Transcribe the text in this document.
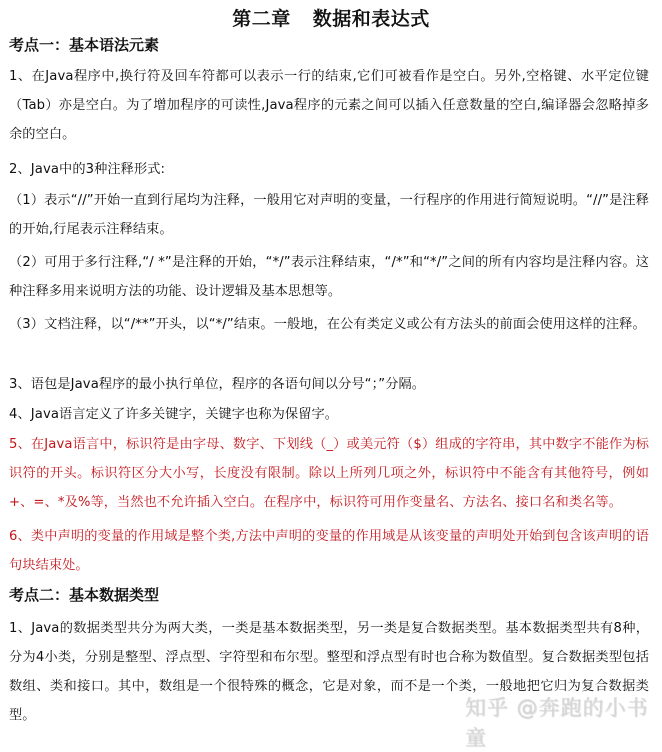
第二章 数据和表达式
考点一：基本语法元素
1、在Java程序中,换行符及回车符都可以表示一行的结束,它们可被看作是空白。另外,空格键、水平定位键（Tab）亦是空白。为了增加程序的可读性,Java程序的元素之间可以插入任意数量的空白,编译器会忽略掉多余的空白。
2、Java中的3种注释形式:
（1）表示“//”开始一直到行尾均为注释，一般用它对声明的变量，一行程序的作用进行简短说明。“//”是注释的开始,行尾表示注释结束。
（2）可用于多行注释,“/ *”是注释的开始，“*/”表示注释结束，“/*”和“*/”之间的所有内容均是注释内容。这种注释多用来说明方法的功能、设计逻辑及基本思想等。
（3）文档注释，以“/**”开头，以“*/”结束。一般地，在公有类定义或公有方法头的前面会使用这样的注释。
3、语包是Java程序的最小执行单位，程序的各语句间以分号“；”分隔。
4、Java语言定义了许多关键字，关键字也称为保留字。
5、在Java语言中，标识符是由字母、数字、下划线（_）或美元符（$）组成的字符串，其中数字不能作为标识符的开头。标识符区分大小写，长度没有限制。除以上所列几项之外，标识符中不能含有其他符号，例如+、=、*及%等，当然也不允许插入空白。在程序中，标识符可用作变量名、方法名、接口名和类名等。
6、类中声明的变量的作用域是整个类,方法中声明的变量的作用域是从该变量的声明处开始到包含该声明的语句块结束处。
考点二：基本数据类型
1、Java的数据类型共分为两大类，一类是基本数据类型，另一类是复合数据类型。基本数据类型共有8种，分为4小类，分别是整型、浮点型、字符型和布尔型。整型和浮点型有时也合称为数值型。复合数据类型包括数组、类和接口。其中，数组是一个很特殊的概念，它是对象，而不是一个类，一般地把它归为复合数据类型。	知乎 @奔跑的小书童
